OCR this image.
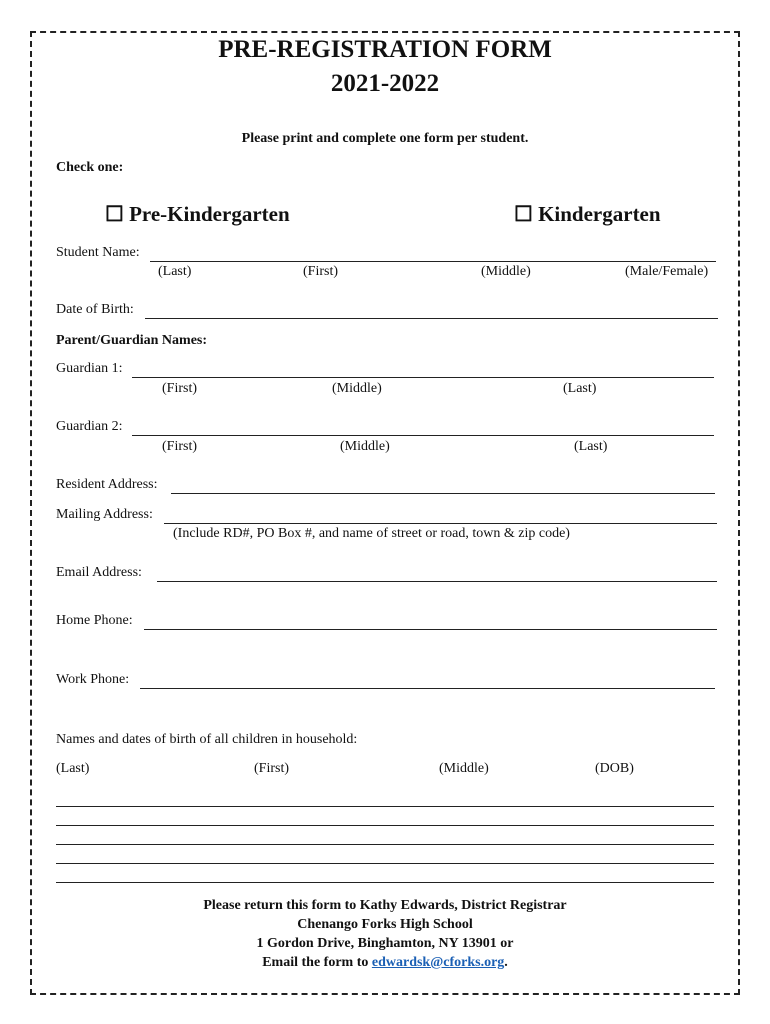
PRE-REGISTRATION FORM
2021-2022
Please print and complete one form per student.
Check one:
☐ Pre-Kindergarten	☐ Kindergarten
Student Name:
(Last)	(First)	(Middle)	(Male/Female)
Date of Birth:
Parent/Guardian Names:
Guardian 1:
(First)	(Middle)	(Last)
Guardian 2:
(First)	(Middle)	(Last)
Resident Address:
Mailing Address:
(Include RD#, PO Box #, and name of street or road, town & zip code)
Email Address:
Home Phone:
Work Phone:
Names and dates of birth of all children in household:
(Last)	(First)	(Middle)	(DOB)
Please return this form to Kathy Edwards, District Registrar
Chenango Forks High School
1 Gordon Drive, Binghamton, NY 13901 or
Email the form to edwardsk@cforks.org.
